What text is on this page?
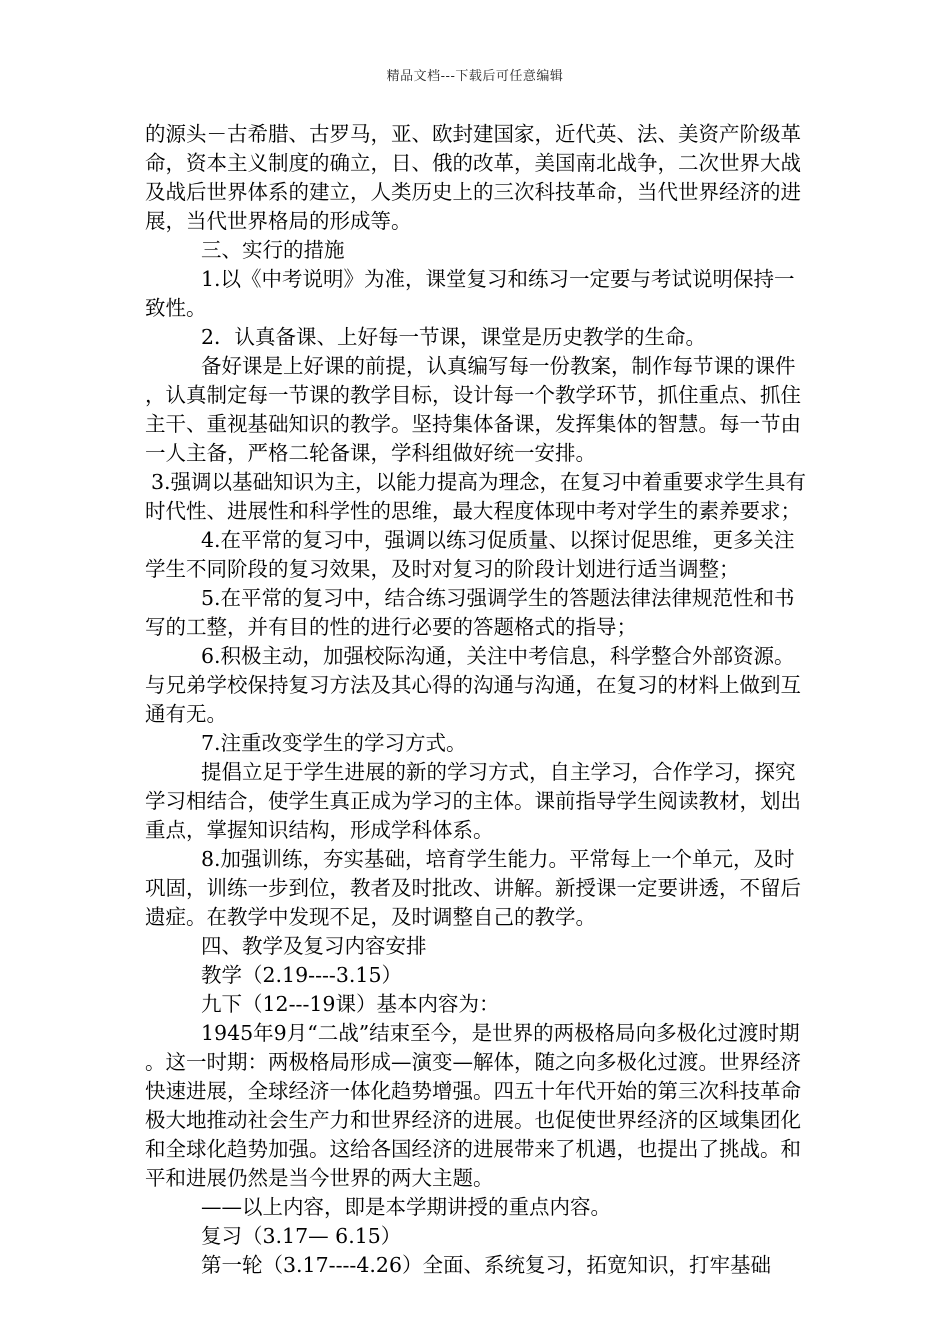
精品文档---下载后可任意编辑

的源头－古希腊、古罗马，亚、欧封建国家，近代英、法、美资产阶级革命，资本主义制度的确立，日、俄的改革，美国南北战争，二次世界大战及战后世界体系的建立，人类历史上的三次科技革命，当代世界经济的进展，当代世界格局的形成等。

三、实行的措施

1.以《中考说明》为准，课堂复习和练习一定要与考试说明保持一致性。

2．认真备课、上好每一节课，课堂是历史教学的生命。

备好课是上好课的前提，认真编写每一份教案，制作每节课的课件，认真制定每一节课的教学目标，设计每一个教学环节，抓住重点、抓住主干、重视基础知识的教学。坚持集体备课，发挥集体的智慧。每一节由一人主备，严格二轮备课，学科组做好统一安排。

3.强调以基础知识为主，以能力提高为理念，在复习中着重要求学生具有时代性、进展性和科学性的思维，最大程度体现中考对学生的素养要求；

4.在平常的复习中，强调以练习促质量、以探讨促思维，更多关注学生不同阶段的复习效果，及时对复习的阶段计划进行适当调整；

5.在平常的复习中，结合练习强调学生的答题法律法律规范性和书写的工整，并有目的性的进行必要的答题格式的指导；

6.积极主动，加强校际沟通，关注中考信息，科学整合外部资源。与兄弟学校保持复习方法及其心得的沟通与沟通，在复习的材料上做到互通有无。

7.注重改变学生的学习方式。

提倡立足于学生进展的新的学习方式，自主学习，合作学习，探究学习相结合，使学生真正成为学习的主体。课前指导学生阅读教材，划出重点，掌握知识结构，形成学科体系。

8.加强训练，夯实基础，培育学生能力。平常每上一个单元，及时巩固，训练一步到位，教者及时批改、讲解。新授课一定要讲透，不留后遗症。在教学中发现不足，及时调整自己的教学。

四、教学及复习内容安排

教学（2.19----3.15）

九下（12---19课）基本内容为：

1945年9月“二战”结束至今，是世界的两极格局向多极化过渡时期。这一时期：两极格局形成—演变—解体，随之向多极化过渡。世界经济快速进展，全球经济一体化趋势增强。四五十年代开始的第三次科技革命极大地推动社会生产力和世界经济的进展。也促使世界经济的区域集团化和全球化趋势加强。这给各国经济的进展带来了机遇，也提出了挑战。和平和进展仍然是当今世界的两大主题。

——以上内容，即是本学期讲授的重点内容。

复习（3.17— 6.15）

第一轮（3.17----4.26）全面、系统复习，拓宽知识，打牢基础
